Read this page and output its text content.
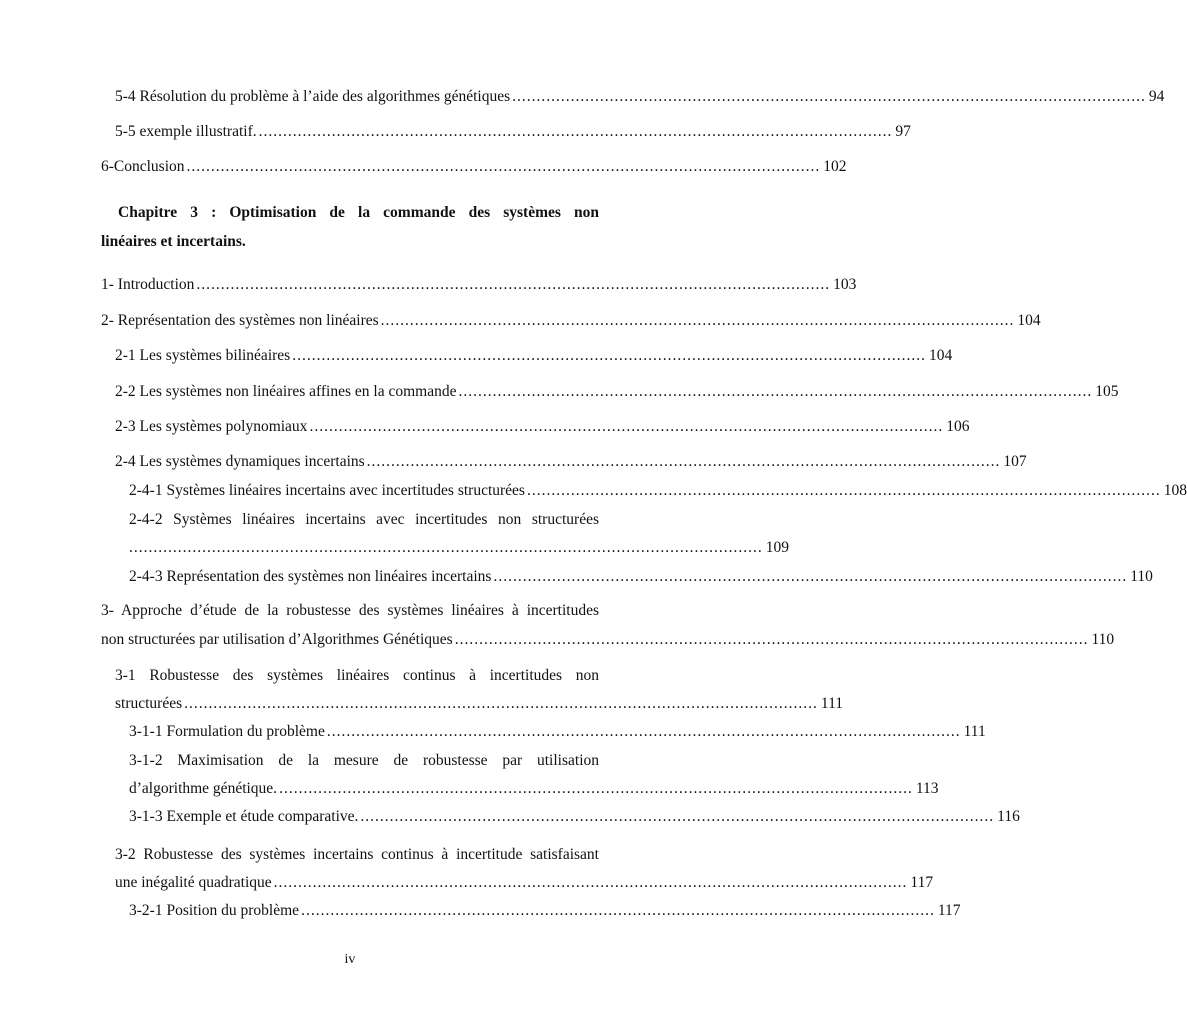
5-4 Résolution du problème à l’aide des algorithmes génétiques .................................................................................................................................. 94
5-5 exemple illustratif. .................................................................................................................................. 97
6-Conclusion .................................................................................................................................. 102
Chapitre 3 : Optimisation de la commande des systèmes non
linéaires et incertains.
1- Introduction .................................................................................................................................. 103
2- Représentation des systèmes non linéaires .................................................................................................................................. 104
2-1 Les systèmes bilinéaires .................................................................................................................................. 104
2-2 Les systèmes non linéaires affines en la commande .................................................................................................................................. 105
2-3 Les systèmes polynomiaux .................................................................................................................................. 106
2-4 Les systèmes dynamiques incertains .................................................................................................................................. 107
2-4-1 Systèmes linéaires incertains avec incertitudes structurées .................................................................................................................................. 108
2-4-2 Systèmes linéaires incertains avec incertitudes non structurées
.................................................................................................................................. 109
2-4-3 Représentation des systèmes non linéaires incertains .................................................................................................................................. 110
3- Approche d’étude de la robustesse des systèmes linéaires à incertitudes
non structurées par utilisation d’Algorithmes Génétiques .................................................................................................................................. 110
3-1 Robustesse des systèmes linéaires continus à incertitudes non
structurées .................................................................................................................................. 111
3-1-1 Formulation du problème .................................................................................................................................. 111
3-1-2 Maximisation de la mesure de robustesse par utilisation
d’algorithme génétique. .................................................................................................................................. 113
3-1-3 Exemple et étude comparative. .................................................................................................................................. 116
3-2 Robustesse des systèmes incertains continus à incertitude satisfaisant
une inégalité quadratique .................................................................................................................................. 117
3-2-1 Position du problème .................................................................................................................................. 117
iv
